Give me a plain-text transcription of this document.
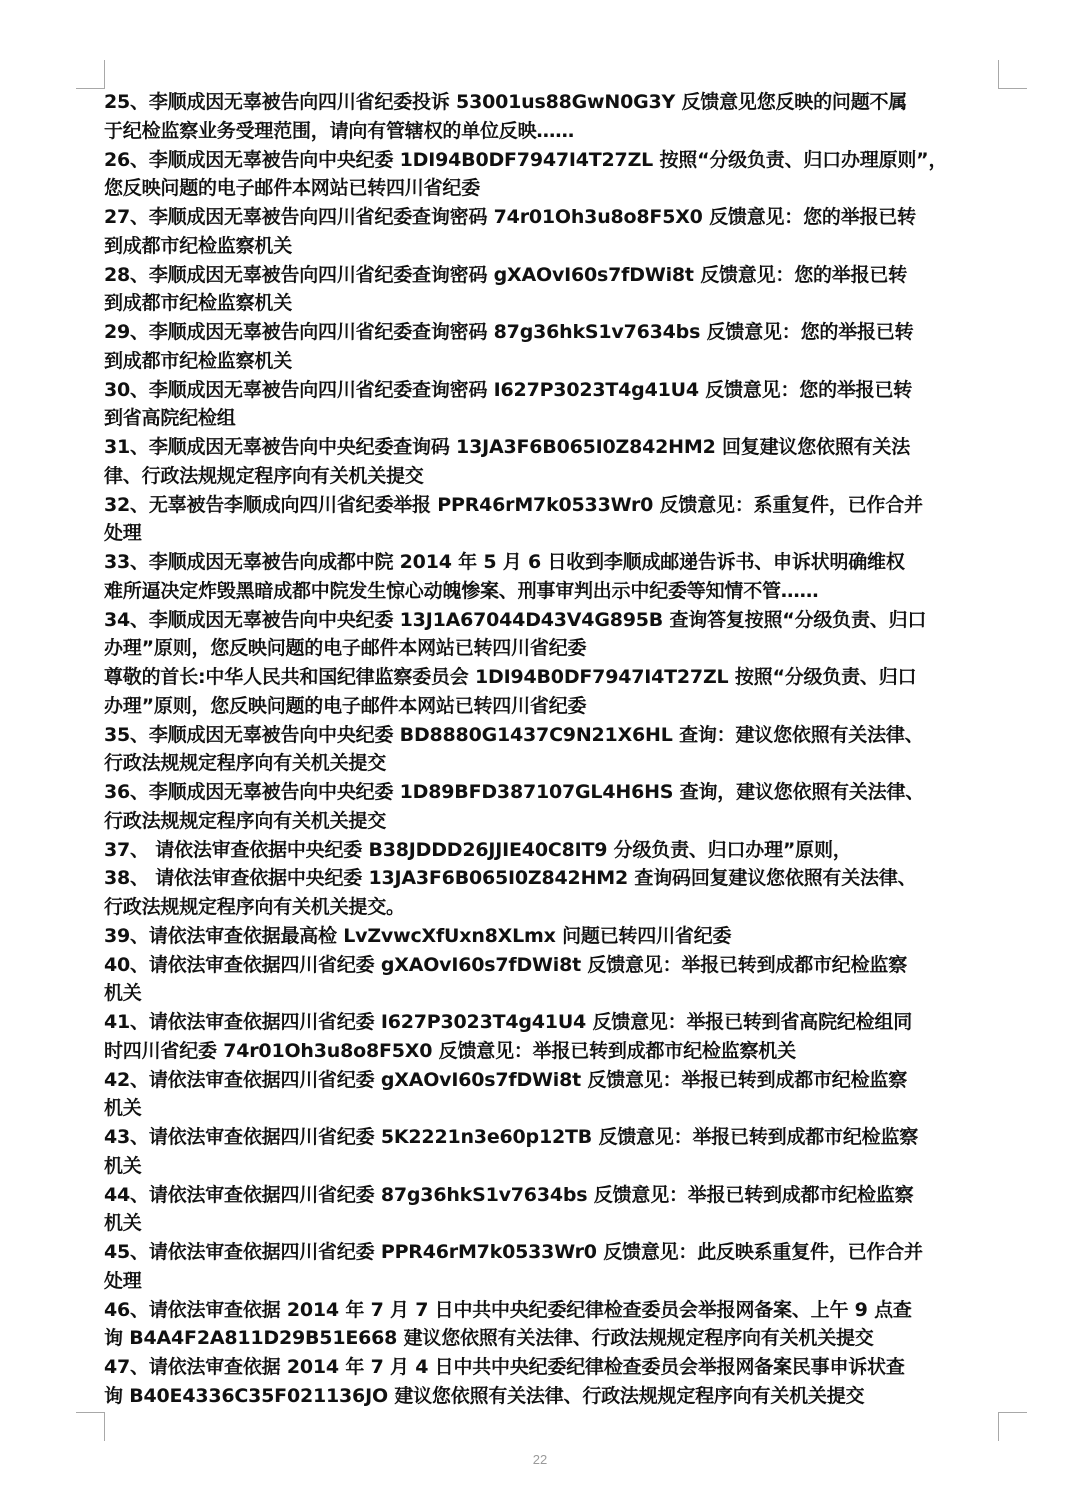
25、李顺成因无辜被告向四川省纪委投诉 53001us88GwN0G3Y 反馈意见您反映的问题不属
于纪检监察业务受理范围，请向有管辖权的单位反映……
26、李顺成因无辜被告向中央纪委 1DI94B0DF7947I4T27ZL 按照“分级负责、归口办理原则”，
您反映问题的电子邮件本网站已转四川省纪委
27、李顺成因无辜被告向四川省纪委查询密码 74r01Oh3u8o8F5X0 反馈意见：您的举报已转
到成都市纪检监察机关
28、李顺成因无辜被告向四川省纪委查询密码 gXAOvI60s7fDWi8t 反馈意见：您的举报已转
到成都市纪检监察机关
29、李顺成因无辜被告向四川省纪委查询密码 87g36hkS1v7634bs 反馈意见：您的举报已转
到成都市纪检监察机关
30、李顺成因无辜被告向四川省纪委查询密码 I627P3023T4g41U4 反馈意见：您的举报已转
到省高院纪检组
31、李顺成因无辜被告向中央纪委查询码 13JA3F6B065I0Z842HM2 回复建议您依照有关法
律、行政法规规定程序向有关机关提交
32、无辜被告李顺成向四川省纪委举报 PPR46rM7k0533Wr0 反馈意见：系重复件，已作合并
处理
33、李顺成因无辜被告向成都中院 2014 年 5 月 6 日收到李顺成邮递告诉书、申诉状明确维权
难所逼决定炸毁黑暗成都中院发生惊心动魄惨案、刑事审判出示中纪委等知情不管……
34、李顺成因无辜被告向中央纪委 13J1A67044D43V4G895B 查询答复按照“分级负责、归口
办理”原则，您反映问题的电子邮件本网站已转四川省纪委
尊敬的首长:中华人民共和国纪律监察委员会 1DI94B0DF7947I4T27ZL 按照“分级负责、归口
办理”原则，您反映问题的电子邮件本网站已转四川省纪委
35、李顺成因无辜被告向中央纪委 BD8880G1437C9N21X6HL 查询：建议您依照有关法律、
行政法规规定程序向有关机关提交
36、李顺成因无辜被告向中央纪委 1D89BFD387107GL4H6HS 查询，建议您依照有关法律、
行政法规规定程序向有关机关提交
37、 请依法审查依据中央纪委 B38JDDD26JJIE40C8IT9 分级负责、归口办理”原则，
38、 请依法审查依据中央纪委 13JA3F6B065I0Z842HM2 查询码回复建议您依照有关法律、
行政法规规定程序向有关机关提交。
39、请依法审查依据最高检 LvZvwcXfUxn8XLmx 问题已转四川省纪委
40、请依法审查依据四川省纪委 gXAOvI60s7fDWi8t 反馈意见：举报已转到成都市纪检监察
机关
41、请依法审查依据四川省纪委 I627P3023T4g41U4 反馈意见：举报已转到省高院纪检组同
时四川省纪委 74r01Oh3u8o8F5X0 反馈意见：举报已转到成都市纪检监察机关
42、请依法审查依据四川省纪委 gXAOvI60s7fDWi8t 反馈意见：举报已转到成都市纪检监察
机关
43、请依法审查依据四川省纪委 5K2221n3e60p12TB 反馈意见：举报已转到成都市纪检监察
机关
44、请依法审查依据四川省纪委 87g36hkS1v7634bs 反馈意见：举报已转到成都市纪检监察
机关
45、请依法审查依据四川省纪委 PPR46rM7k0533Wr0 反馈意见：此反映系重复件，已作合并
处理
46、请依法审查依据 2014 年 7 月 7 日中共中央纪委纪律检查委员会举报网备案、上午 9 点查
询 B4A4F2A811D29B51E668 建议您依照有关法律、行政法规规定程序向有关机关提交
47、请依法审查依据 2014 年 7 月 4 日中共中央纪委纪律检查委员会举报网备案民事申诉状查
询 B40E4336C35F021136JO 建议您依照有关法律、行政法规规定程序向有关机关提交
22
